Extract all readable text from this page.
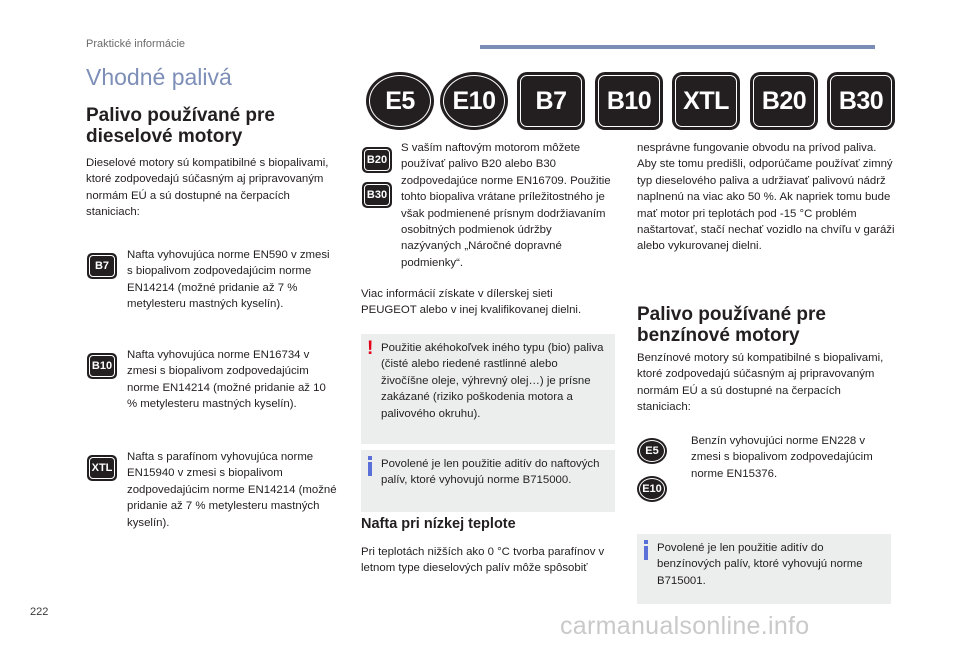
Praktické informácie
Vhodné palivá
E5 E10 B7 B10 XTL B20 B30
Palivo používané pre dieselové motory

Dieselové motory sú kompatibilné s biopalivami, ktoré zodpovedajú súčasným aj pripravovaným normám EÚ a sú dostupné na čerpacích staniciach:

B7

Nafta vyhovujúca norme EN590 v zmesi s biopalivom zodpovedajúcim norme EN14214 (možné pridanie až 7 % metylesteru mastných kyselín).

B10

Nafta vyhovujúca norme EN16734 v zmesi s biopalivom zodpovedajúcim norme EN14214 (možné pridanie až 10 % metylesteru mastných kyselín).

XTL

Nafta s parafínom vyhovujúca norme EN15940 v zmesi s biopalivom zodpovedajúcim norme EN14214 (možné pridanie až 7 % metylesteru mastných kyselín).

B20
B30

S vaším naftovým motorom môžete používať palivo B20 alebo B30 zodpovedajúce norme EN16709. Použitie tohto biopaliva vrátane príležitostného je však podmienené prísnym dodržiavaním osobitných podmienok údržby nazývaných „Náročné dopravné podmienky“.

Viac informácií získate v dílerskej sieti PEUGEOT alebo v inej kvalifikovanej dielni.

! Použitie akéhokoľvek iného typu (bio) paliva (čisté alebo riedené rastlinné alebo živočíšne oleje, výhrevný olej…) je prísne zakázané (riziko poškodenia motora a palivového okruhu).

Povolené je len použitie aditív do naftových palív, ktoré vyhovujú norme B715000.

Nafta pri nízkej teplote

Pri teplotách nižších ako 0 °C tvorba parafínov v letnom type dieselových palív môže spôsobiť

nesprávne fungovanie obvodu na prívod paliva. Aby ste tomu predišli, odporúčame používať zimný typ dieselového paliva a udržiavať palivovú nádrž naplnenú na viac ako 50 %. Ak napriek tomu bude mať motor pri teplotách pod -15 °C problém naštartovať, stačí nechať vozidlo na chvíľu v garáži alebo vykurovanej dielni.

Palivo používané pre benzínové motory

Benzínové motory sú kompatibilné s biopalivami, ktoré zodpovedajú súčasným aj pripravovaným normám EÚ a sú dostupné na čerpacích staniciach:

E5
E10

Benzín vyhovujúci norme EN228 v zmesi s biopalivom zodpovedajúcim norme EN15376.

Povolené je len použitie aditív do benzínových palív, ktoré vyhovujú norme B715001.

222	carmanualsonline.info
